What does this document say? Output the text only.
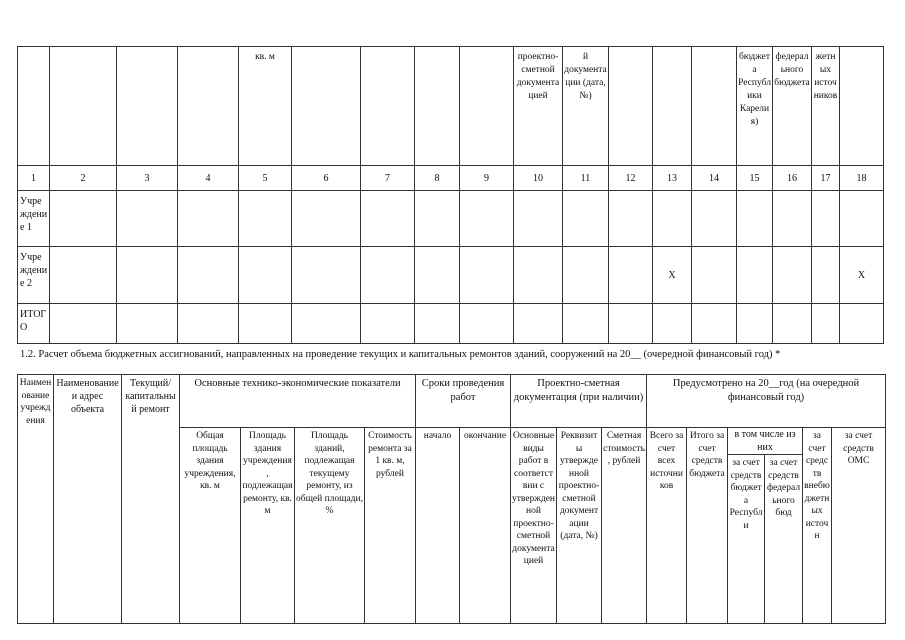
				кв. м					проектно-сметной документацией	й документации (дата, №)				бюджета Республики Карелия)	федерального бюджета	жетных источников	
1	2	3	4	5	6	7	8	9	10	11	12	13	14	15	16	17	18
Учреждение 1																	
Учреждение 2												X					X
ИТОГО																	
1.2. Расчет объема бюджетных ассигнований, направленных на проведение текущих и капитальных ремонтов зданий, сооружений на 20__ (очередной финансовый год) *
Наименование учреждения	Наименование и адрес объекта	Текущий/ капитальный ремонт	Основные технико-экономические показатели				Сроки проведения работ		Проектно-сметная документация (при наличии)			Предусмотрено на 20__год (на очередной финансовый год)					
			Общая площадь здания учреждения, кв. м	Площадь здания учреждения, подлежащая ремонту, кв. м	Площадь зданий, подлежащая текущему ремонту, из общей площади, %	Стоимость ремонта за 1 кв. м, рублей	начало	окончание	Основные виды работ в соответствии с утвержденной проектно-сметной документацией	Реквизиты утвержденной проектно-сметной документации (дата, №)	Сметная стоимость, рублей	Всего за счет всех источников	Итого за счет средств бюджета	в том числе из них		за счет средств внебюджетных источн	за счет средств ОМС
														за счет средств бюджета Республи	за счет средств федерального бюд		
